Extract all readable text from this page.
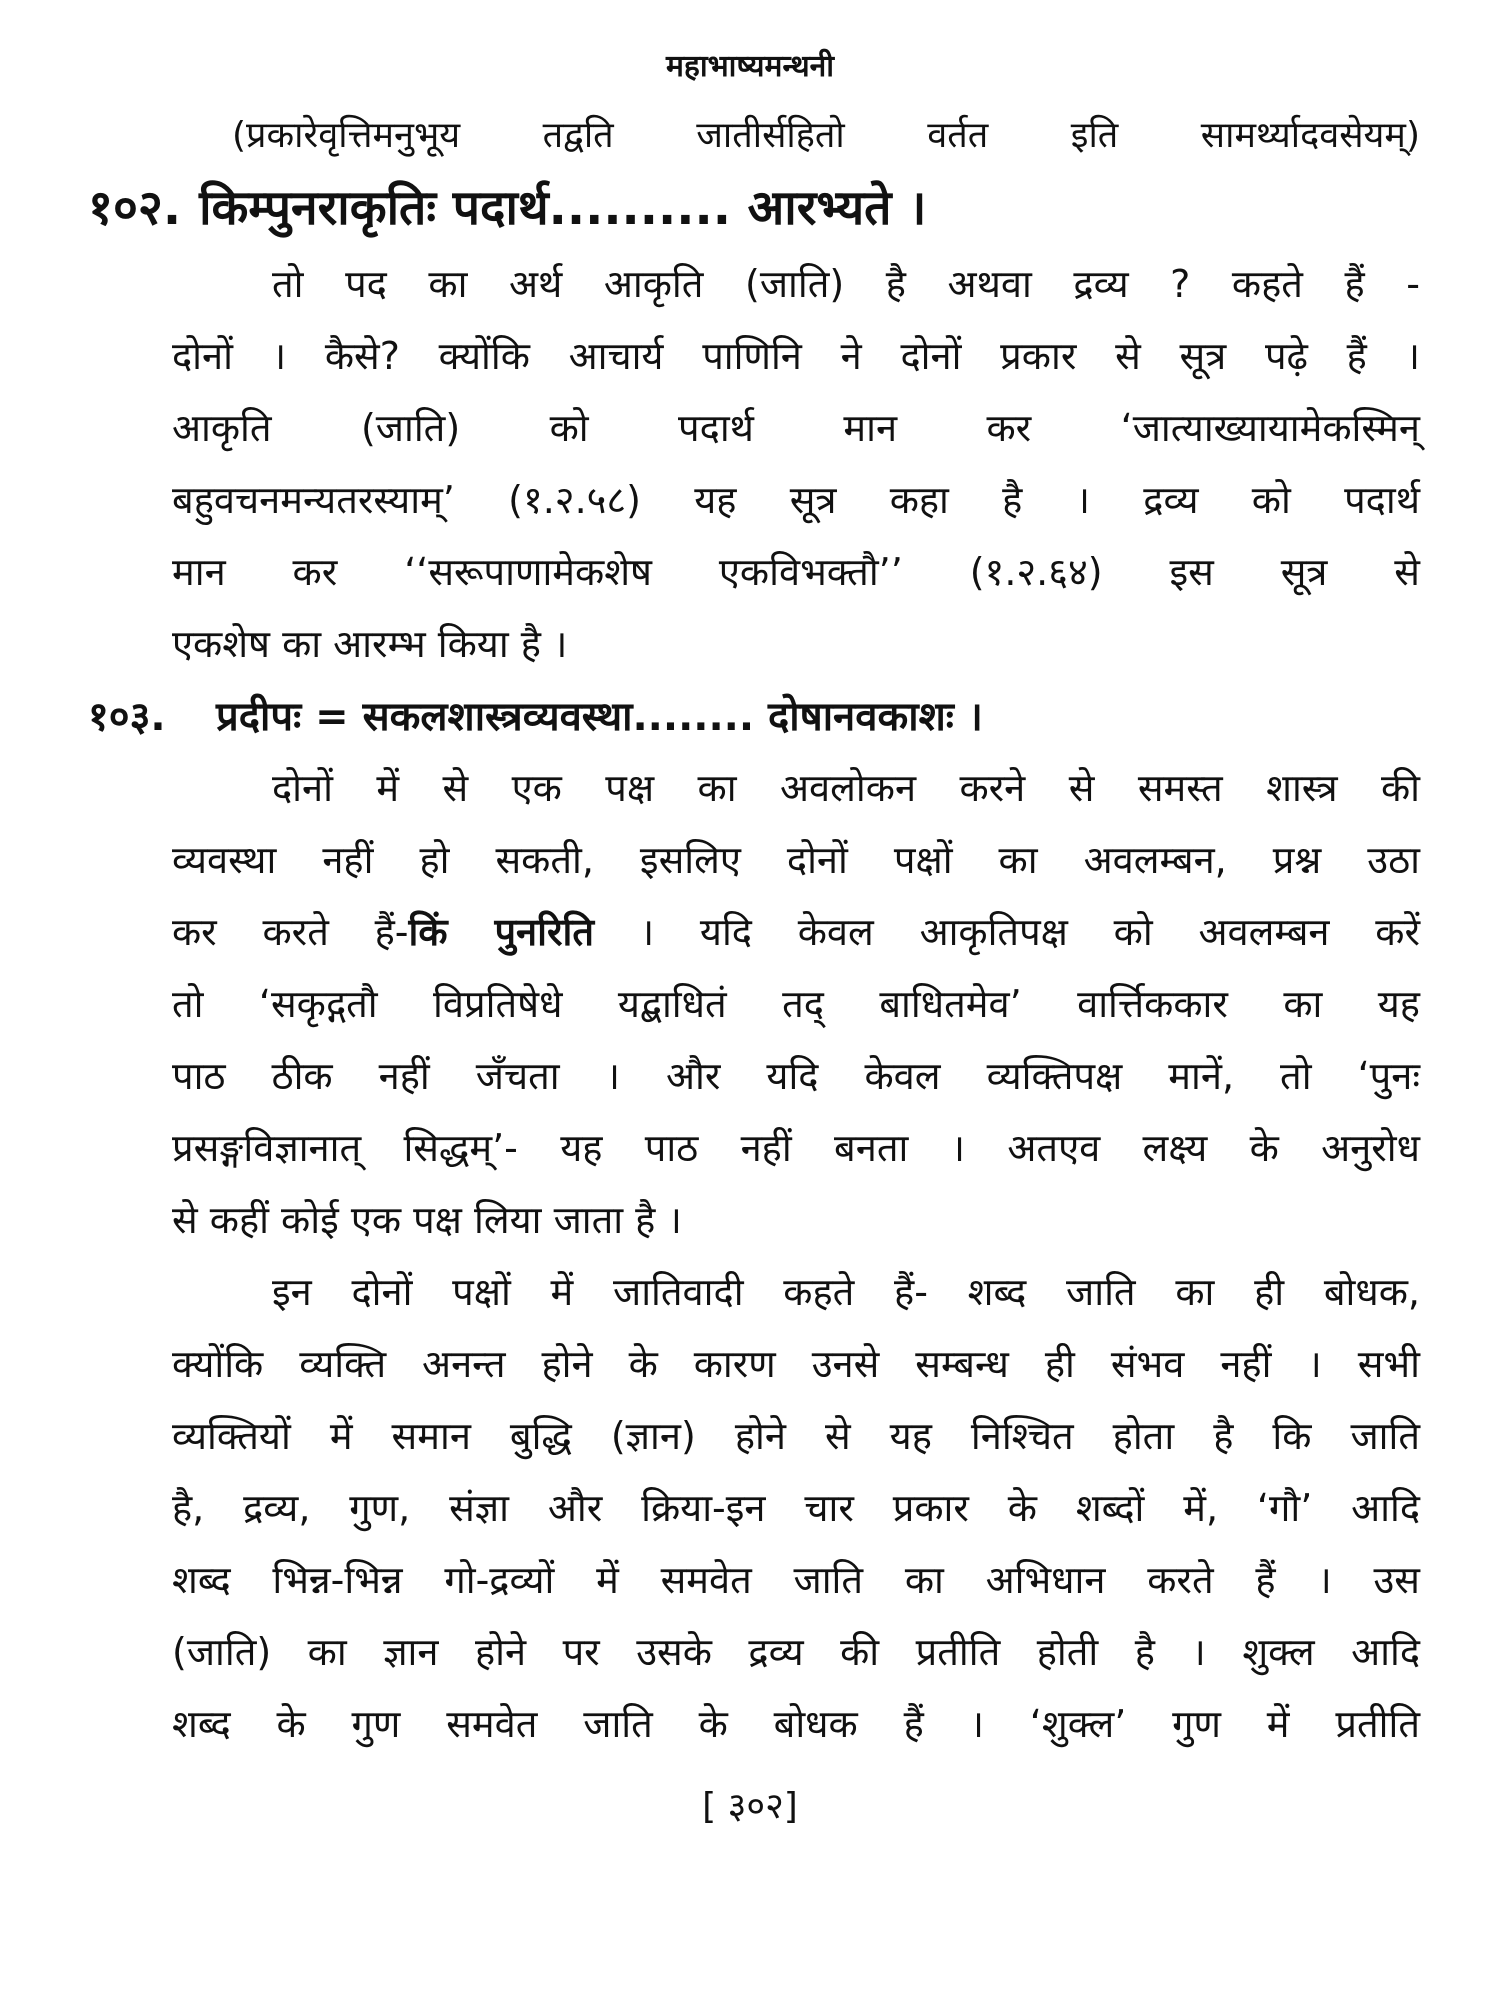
महाभाष्यमन्थनी
(प्रकारेवृत्तिमनुभूय तद्वति जातीर्सहितो वर्तत इति सामर्थ्यादवसेयम्)
१०२. किम्पुनराकृतिः पदार्थ.......... आरभ्यते ।
तो पद का अर्थ आकृति (जाति) है अथवा द्रव्य ? कहते हैं -
दोनों । कैसे? क्योंकि आचार्य पाणिनि ने दोनों प्रकार से सूत्र पढ़े हैं ।
आकृति (जाति) को पदार्थ मान कर ‘जात्याख्यायामेकस्मिन्
बहुवचनमन्यतरस्याम्’ (१.२.५८) यह सूत्र कहा है । द्रव्य को पदार्थ
मान कर ‘‘सरूपाणामेकशेष एकविभक्तौ’’ (१.२.६४) इस सूत्र से
एकशेष का आरम्भ किया है ।
१०३. प्रदीपः = सकलशास्त्रव्यवस्था........ दोषानवकाशः ।
दोनों में से एक पक्ष का अवलोकन करने से समस्त शास्त्र की
व्यवस्था नहीं हो सकती, इसलिए दोनों पक्षों का अवलम्बन, प्रश्न उठा
कर करते हैं-किं पुनरिति । यदि केवल आकृतिपक्ष को अवलम्बन करें
तो ‘सकृद्गतौ विप्रतिषेधे यद्बाधितं तद् बाधितमेव’ वार्त्तिककार का यह
पाठ ठीक नहीं जँचता । और यदि केवल व्यक्तिपक्ष मानें, तो ‘पुनः
प्रसङ्गविज्ञानात् सिद्धम्’- यह पाठ नहीं बनता । अतएव लक्ष्य के अनुरोध
से कहीं कोई एक पक्ष लिया जाता है ।
इन दोनों पक्षों में जातिवादी कहते हैं- शब्द जाति का ही बोधक,
क्योंकि व्यक्ति अनन्त होने के कारण उनसे सम्बन्ध ही संभव नहीं । सभी
व्यक्तियों में समान बुद्धि (ज्ञान) होने से यह निश्चित होता है कि जाति
है, द्रव्य, गुण, संज्ञा और क्रिया-इन चार प्रकार के शब्दों में, ‘गौ’ आदि
शब्द भिन्न-भिन्न गो-द्रव्यों में समवेत जाति का अभिधान करते हैं । उस
(जाति) का ज्ञान होने पर उसके द्रव्य की प्रतीति होती है । शुक्ल आदि
शब्द के गुण समवेत जाति के बोधक हैं । ‘शुक्ल’ गुण में प्रतीति
[ ३०२]
